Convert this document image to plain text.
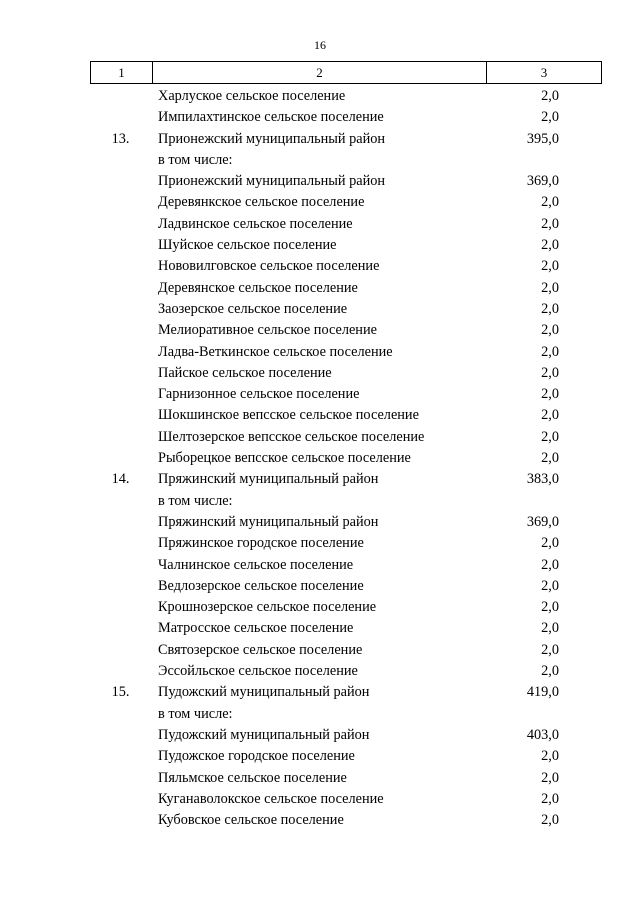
16
1	2	3
Харлуское сельское поселение	2,0
Импилахтинское сельское поселение	2,0
13.	Прионежский муниципальный район	395,0
в том числе:
Прионежский муниципальный район	369,0
Деревянкское сельское поселение	2,0
Ладвинское сельское поселение	2,0
Шуйское сельское поселение	2,0
Нововилговское сельское поселение	2,0
Деревянское сельское поселение	2,0
Заозерское сельское поселение	2,0
Мелиоративное сельское поселение	2,0
Ладва-Веткинское сельское поселение	2,0
Пайское сельское поселение	2,0
Гарнизонное сельское поселение	2,0
Шокшинское вепсское сельское поселение	2,0
Шелтозерское вепсское сельское поселение	2,0
Рыборецкое вепсское сельское поселение	2,0
14.	Пряжинский муниципальный район	383,0
в том числе:
Пряжинский муниципальный район	369,0
Пряжинское городское поселение	2,0
Чалнинское сельское поселение	2,0
Ведлозерское сельское поселение	2,0
Крошнозерское сельское поселение	2,0
Матросское сельское поселение	2,0
Святозерское сельское поселение	2,0
Эссойльское сельское поселение	2,0
15.	Пудожский муниципальный район	419,0
в том числе:
Пудожский муниципальный район	403,0
Пудожское городское поселение	2,0
Пяльмское сельское поселение	2,0
Куганаволокское сельское поселение	2,0
Кубовское сельское поселение	2,0
